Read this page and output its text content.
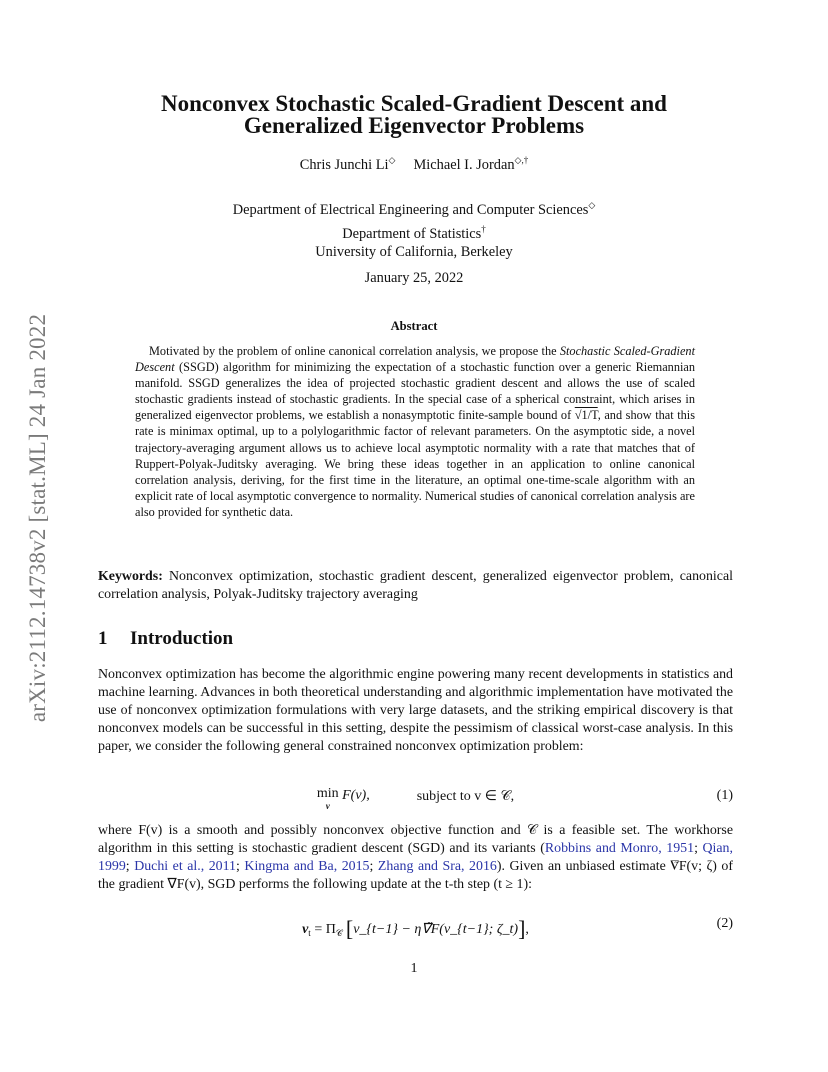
arXiv:2112.14738v2 [stat.ML] 24 Jan 2022
Nonconvex Stochastic Scaled-Gradient Descent and
Generalized Eigenvector Problems
Chris Junchi Li◇ Michael I. Jordan◇,†
Department of Electrical Engineering and Computer Sciences◇
Department of Statistics†
University of California, Berkeley
January 25, 2022
Abstract
Motivated by the problem of online canonical correlation analysis, we propose the Stochastic Scaled-Gradient Descent (SSGD) algorithm for minimizing the expectation of a stochastic function over a generic Riemannian manifold. SSGD generalizes the idea of projected stochastic gradient descent and allows the use of scaled stochastic gradients instead of stochastic gradients. In the special case of a spherical constraint, which arises in generalized eigenvector problems, we establish a nonasymptotic finite-sample bound of √1/T, and show that this rate is minimax optimal, up to a polylogarithmic factor of relevant parameters. On the asymptotic side, a novel trajectory-averaging argument allows us to achieve local asymptotic normality with a rate that matches that of Ruppert-Polyak-Juditsky averaging. We bring these ideas together in an application to online canonical correlation analysis, deriving, for the first time in the literature, an optimal one-time-scale algorithm with an explicit rate of local asymptotic convergence to normality. Numerical studies of canonical correlation analysis are also provided for synthetic data.
Keywords: Nonconvex optimization, stochastic gradient descent, generalized eigenvector problem, canonical correlation analysis, Polyak-Juditsky trajectory averaging
1 Introduction
Nonconvex optimization has become the algorithmic engine powering many recent developments in statistics and machine learning. Advances in both theoretical understanding and algorithmic implementation have motivated the use of nonconvex optimization formulations with very large datasets, and the striking empirical discovery is that nonconvex models can be successful in this setting, despite the pessimism of classical worst-case analysis. In this paper, we consider the following general constrained nonconvex optimization problem:
min
v F(v),	subject to v ∈ 𝒞,	(1)
where F(v) is a smooth and possibly nonconvex objective function and 𝒞 is a feasible set. The workhorse algorithm in this setting is stochastic gradient descent (SGD) and its variants (Robbins and Monro, 1951; Qian, 1999; Duchi et al., 2011; Kingma and Ba, 2015; Zhang and Sra, 2016). Given an unbiased estimate ∇̃F(v; ζ) of the gradient ∇F(v), SGD performs the following update at the t-th step (t ≥ 1):
$v_t = \Pi_𝒞$ [v_{t−1} − η∇̃F(v_{t−1}; ζ_t)],	(2)
1
